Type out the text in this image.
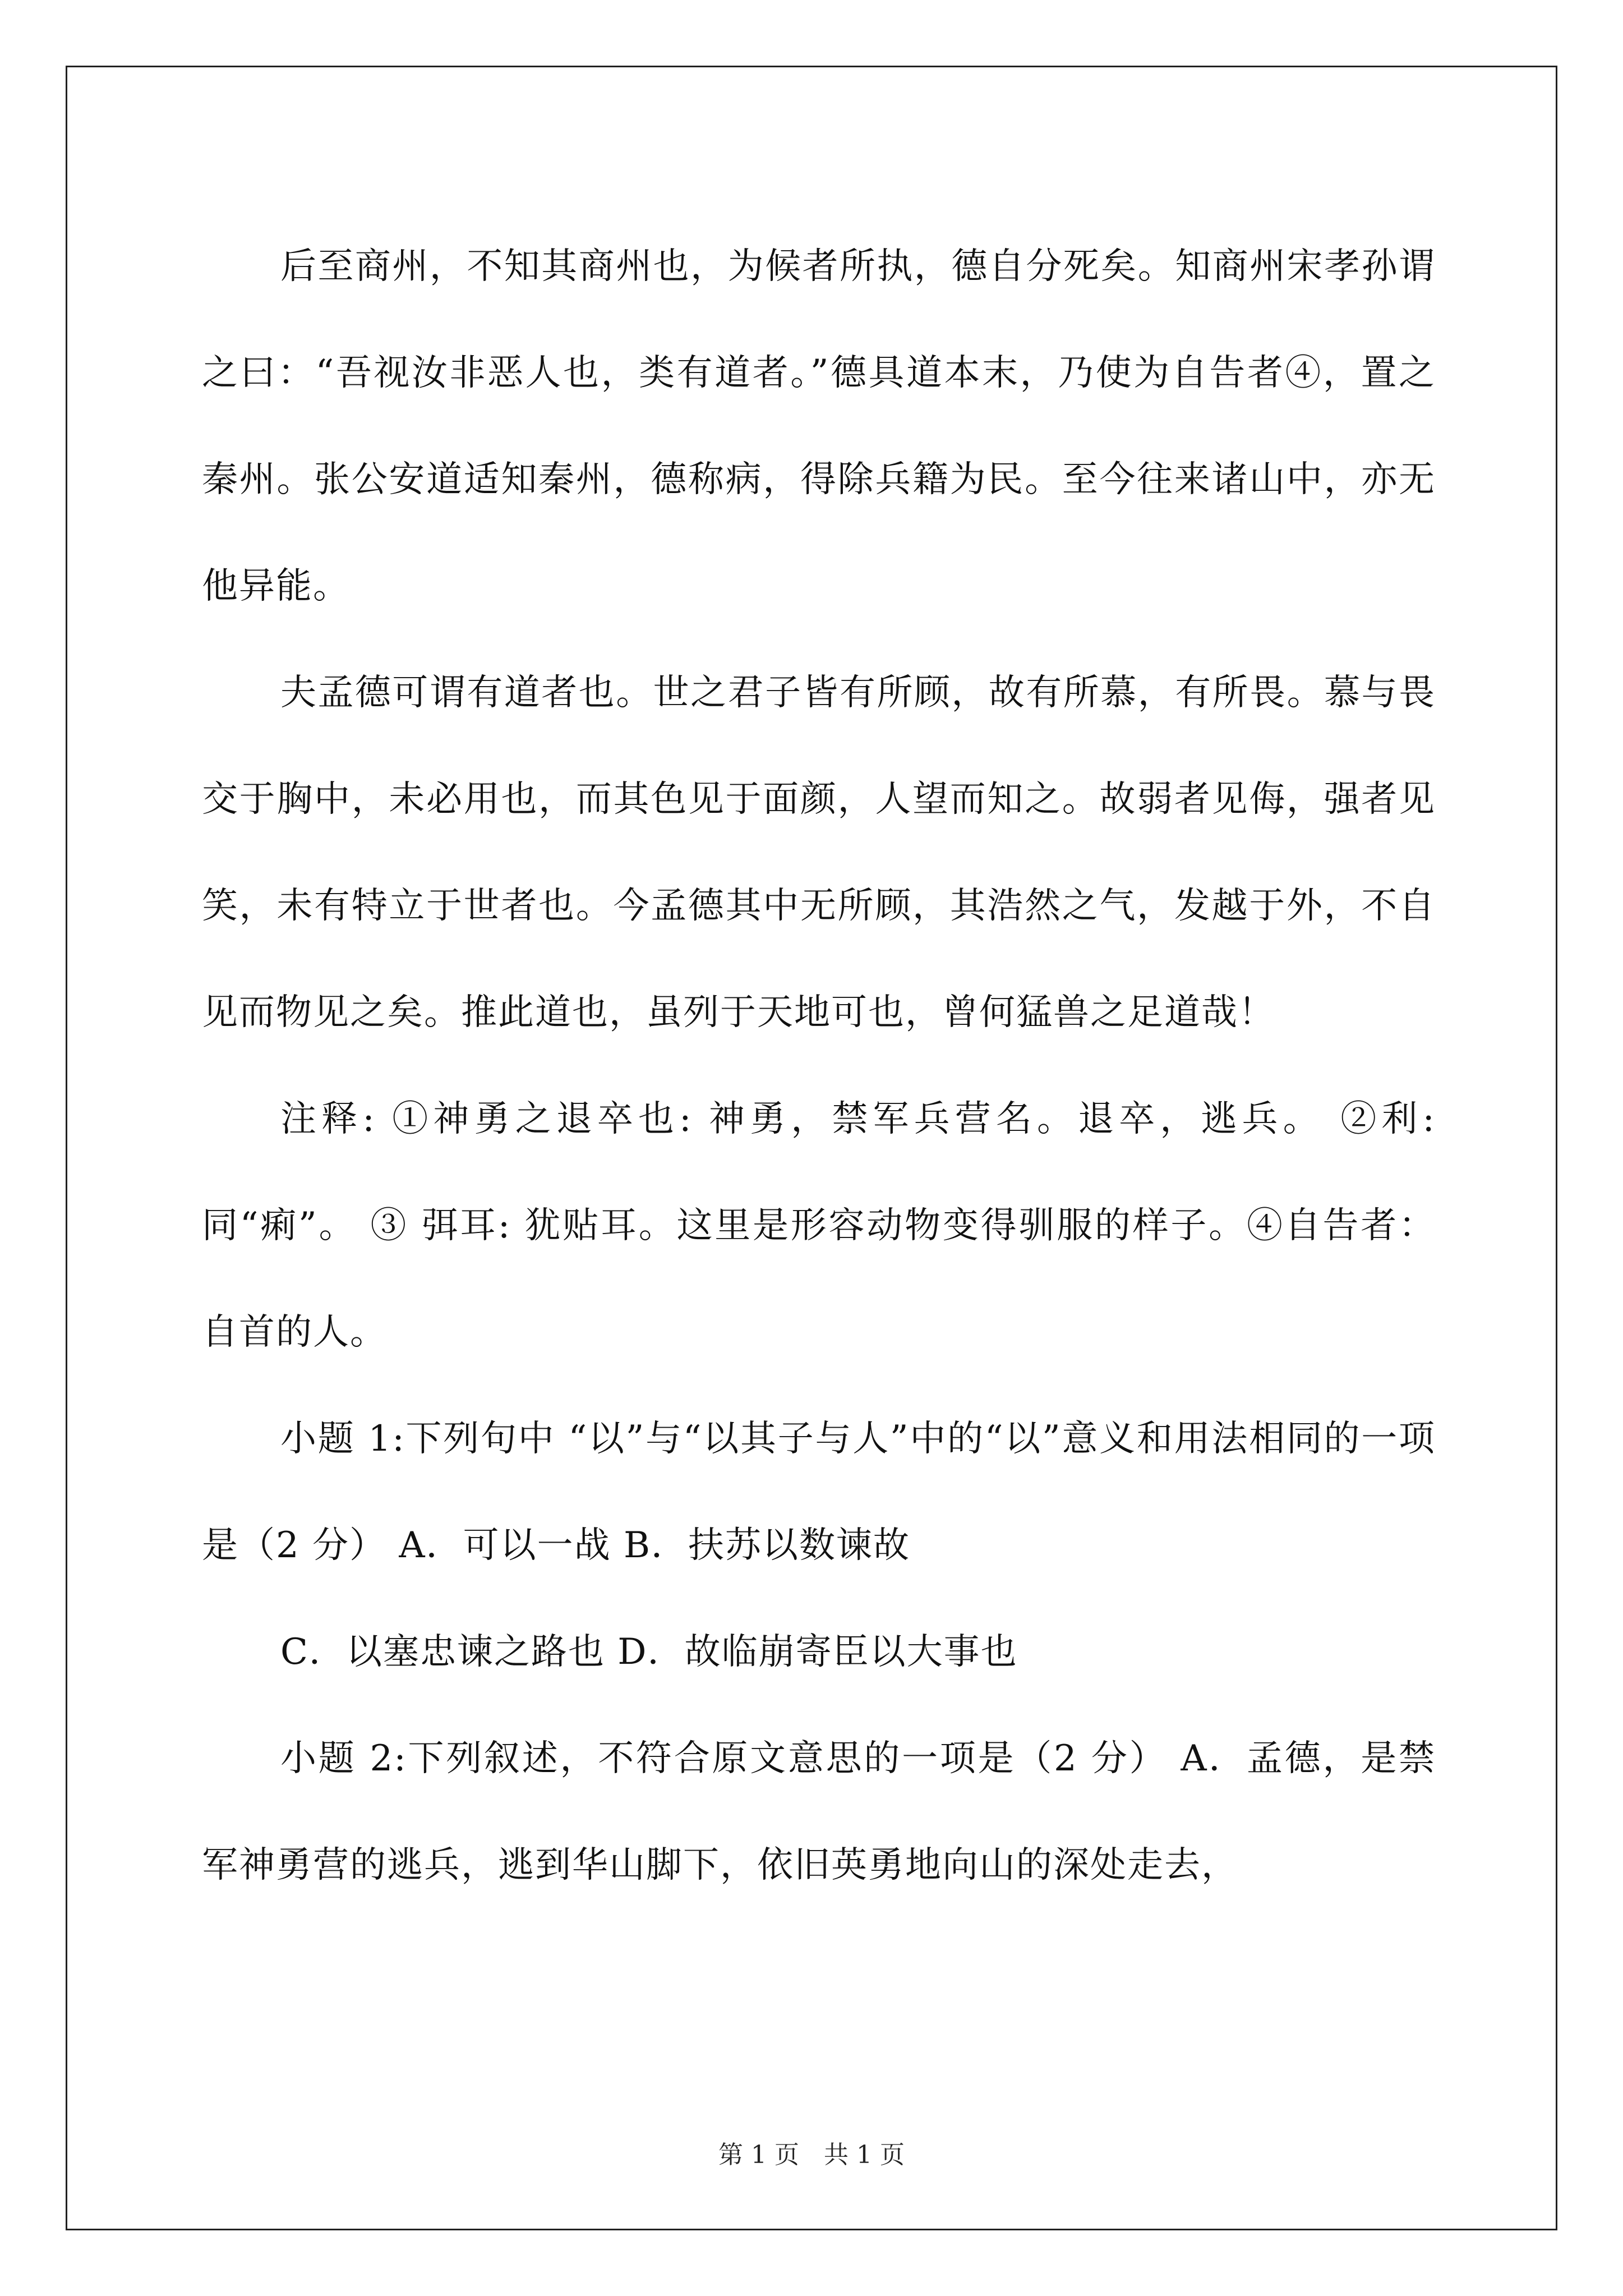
后至商州，不知其商州也，为候者所执，德自分死矣。知商州宋孝孙谓之曰：“吾视汝非恶人也，类有道者。”德具道本末，乃使为自告者④，置之秦州。张公安道适知秦州，德称病，得除兵籍为民。至今往来诸山中，亦无他异能。

夫孟德可谓有道者也。世之君子皆有所顾，故有所慕，有所畏。慕与畏交于胸中，未必用也，而其色见于面颜，人望而知之。故弱者见侮，强者见笑，未有特立于世者也。今孟德其中无所顾，其浩然之气，发越于外，不自见而物见之矣。推此道也，虽列于天地可也，曾何猛兽之足道哉！

注释: ①神勇之退卒也: 神勇，禁军兵营名。退卒，逃兵。 ②利: 同“痢”。 ③ 弭耳: 犹贴耳。这里是形容动物变得驯服的样子。④自告者：自首的人。

小题 1:下列句中 “以”与“以其子与人”中的“以”意义和用法相同的一项是（2 分） A．可以一战 B．扶苏以数谏故

C．以塞忠谏之路也 D．故临崩寄臣以大事也

小题 2:下列叙述，不符合原文意思的一项是（2 分） A．孟德，是禁军神勇营的逃兵，逃到华山脚下，依旧英勇地向山的深处走去，

第 1 页　共 1 页
